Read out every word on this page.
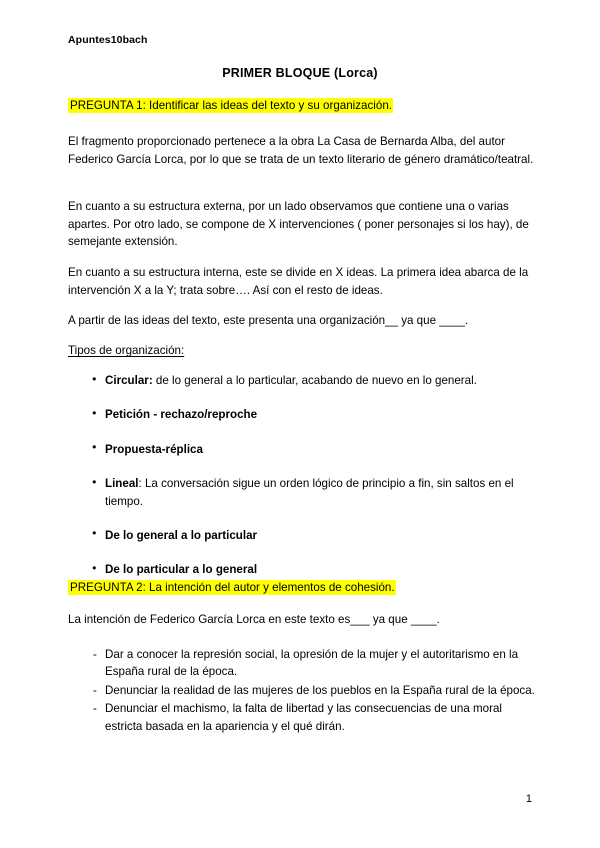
Apuntes10bach
PRIMER BLOQUE (Lorca)
PREGUNTA 1: Identificar las ideas del texto y su organización.
El fragmento proporcionado pertenece a la obra La Casa de Bernarda Alba, del autor Federico García Lorca, por lo que se trata de un texto literario de género dramático/teatral.
En cuanto a su estructura externa, por un lado observamos que contiene una o varias apartes. Por otro lado, se compone de X intervenciones ( poner personajes si los hay), de semejante extensión.
En cuanto a su estructura interna, este se divide en X ideas. La primera idea abarca de la intervención X a la Y; trata sobre…. Así con el resto de ideas.
A partir de las ideas del texto, este presenta una organización__ ya que ____.
Tipos de organización:
● Circular: de lo general a lo particular, acabando de nuevo en lo general.
● Petición - rechazo/reproche
● Propuesta-réplica
● Lineal: La conversación sigue un orden lógico de principio a fin, sin saltos en el tiempo.
● De lo general a lo particular
● De lo particular a lo general
PREGUNTA 2: La intención del autor y elementos de cohesión.
La intención de Federico García Lorca en este texto es___ ya que ____.
- Dar a conocer la represión social, la opresión de la mujer y el autoritarismo en la España rural de la época.
- Denunciar la realidad de las mujeres de los pueblos en la España rural de la época.
- Denunciar el machismo, la falta de libertad y las consecuencias de una moral estricta basada en la apariencia y el qué dirán.
1
